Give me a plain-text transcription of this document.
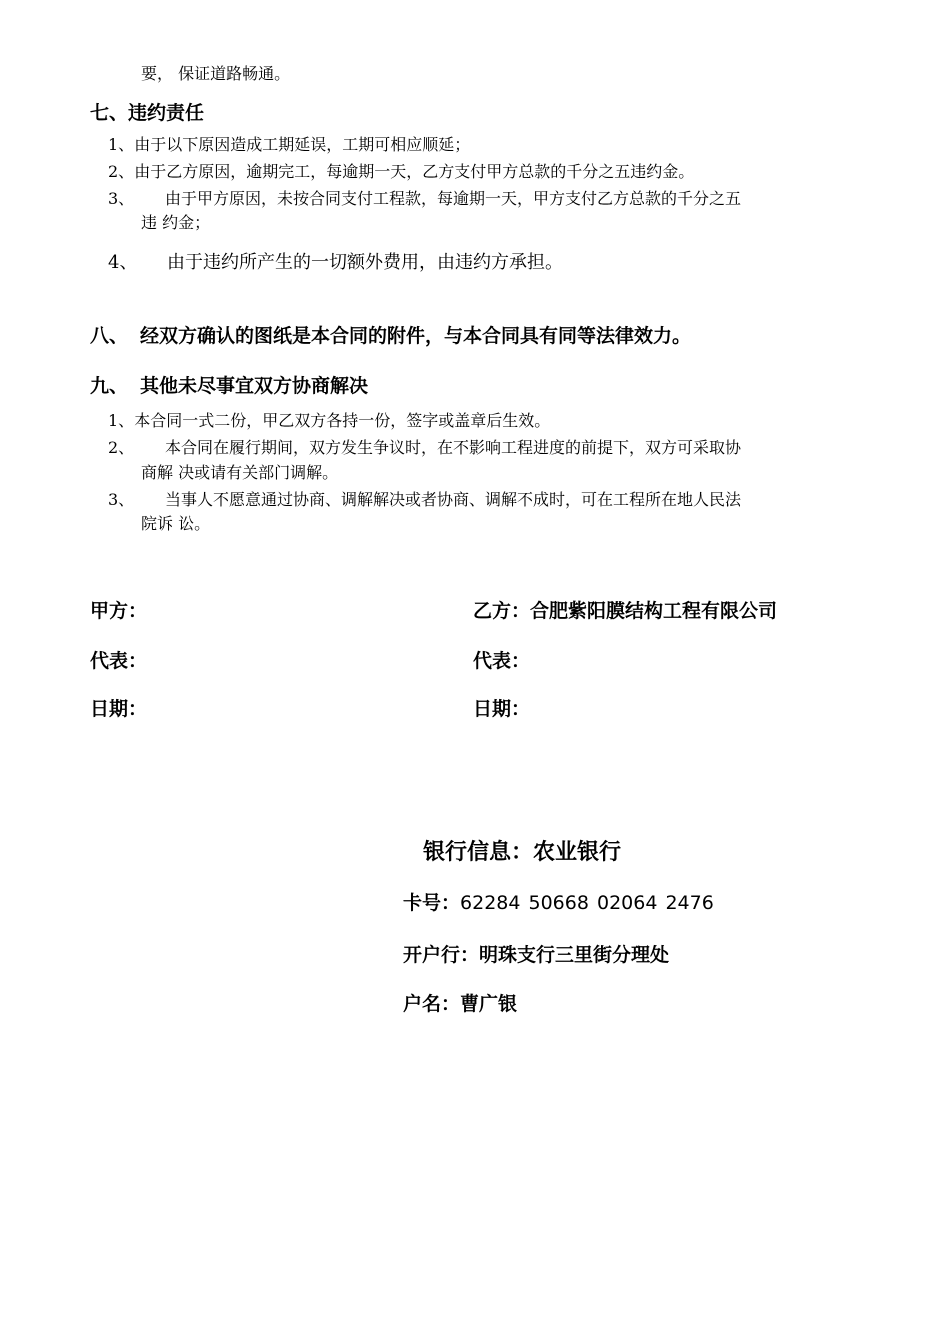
要， 保证道路畅通。
七、违约责任
1、由于以下原因造成工期延误，工期可相应顺延；
2、由于乙方原因，逾期完工，每逾期一天，乙方支付甲方总款的千分之五违约金。
3、 由于甲方原因，未按合同支付工程款，每逾期一天，甲方支付乙方总款的千分之五
违 约金；
4、 由于违约所产生的一切额外费用，由违约方承担。
八、 经双方确认的图纸是本合同的附件，与本合同具有同等法律效力。
九、 其他未尽事宜双方协商解决
1、本合同一式二份，甲乙双方各持一份，签字或盖章后生效。
2、 本合同在履行期间，双方发生争议时，在不影响工程进度的前提下，双方可采取协
商解 决或请有关部门调解。
3、 当事人不愿意通过协商、调解解决或者协商、调解不成时，可在工程所在地人民法
院诉 讼。
甲方：	乙方：合肥紫阳膜结构工程有限公司
代表：	代表：
日期：	日期：
银行信息：农业银行
卡号：62284 50668 02064 2476
开户行：明珠支行三里街分理处
户名：曹广银
